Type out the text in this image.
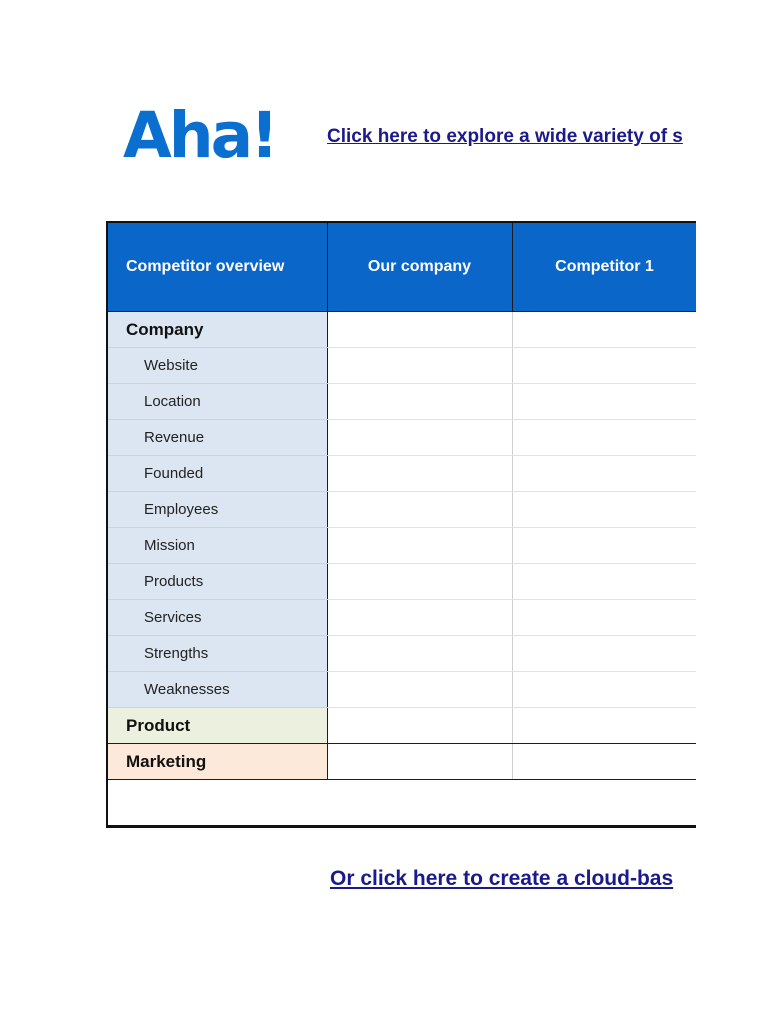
Aha!	Click here to explore a wide variety of s
Competitor overview	Our company	Competitor 1	
Company			
Website			
Location			
Revenue			
Founded			
Employees			
Mission			
Products			
Services			
Strengths			
Weaknesses			
Product			
Marketing			

Or click here to create a cloud-bas
